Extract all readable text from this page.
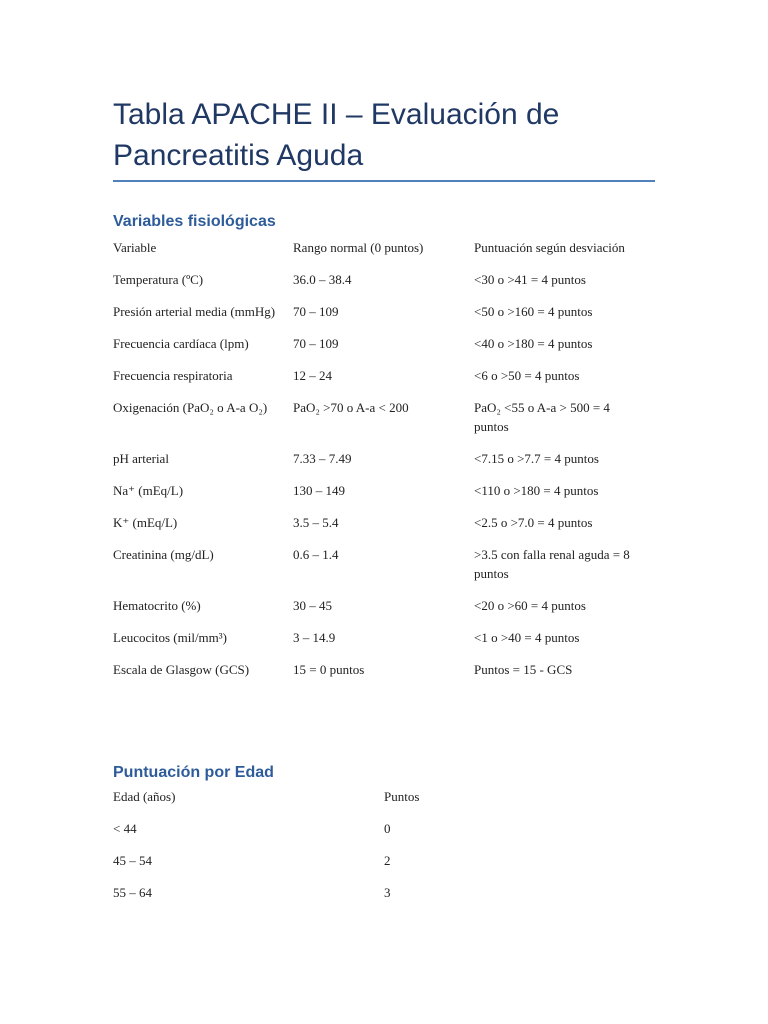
Tabla APACHE II – Evaluación de Pancreatitis Aguda
Variables fisiológicas
Variable	Rango normal (0 puntos)	Puntuación según desviación
Temperatura (ºC)	36.0 – 38.4	<30 o >41 = 4 puntos
Presión arterial media (mmHg)	70 – 109	<50 o >160 = 4 puntos
Frecuencia cardíaca (lpm)	70 – 109	<40 o >180 = 4 puntos
Frecuencia respiratoria	12 – 24	<6 o >50 = 4 puntos
Oxigenación (PaO₂ o A-a O₂)	PaO₂ >70 o A-a < 200	PaO₂ <55 o A-a > 500 = 4 puntos
pH arterial	7.33 – 7.49	<7.15 o >7.7 = 4 puntos
Na⁺ (mEq/L)	130 – 149	<110 o >180 = 4 puntos
K⁺ (mEq/L)	3.5 – 5.4	<2.5 o >7.0 = 4 puntos
Creatinina (mg/dL)	0.6 – 1.4	>3.5 con falla renal aguda = 8 puntos
Hematocrito (%)	30 – 45	<20 o >60 = 4 puntos
Leucocitos (mil/mm³)	3 – 14.9	<1 o >40 = 4 puntos
Escala de Glasgow (GCS)	15 = 0 puntos	Puntos = 15 - GCS
Puntuación por Edad
Edad (años)	Puntos
< 44	0
45 – 54	2
55 – 64	3
